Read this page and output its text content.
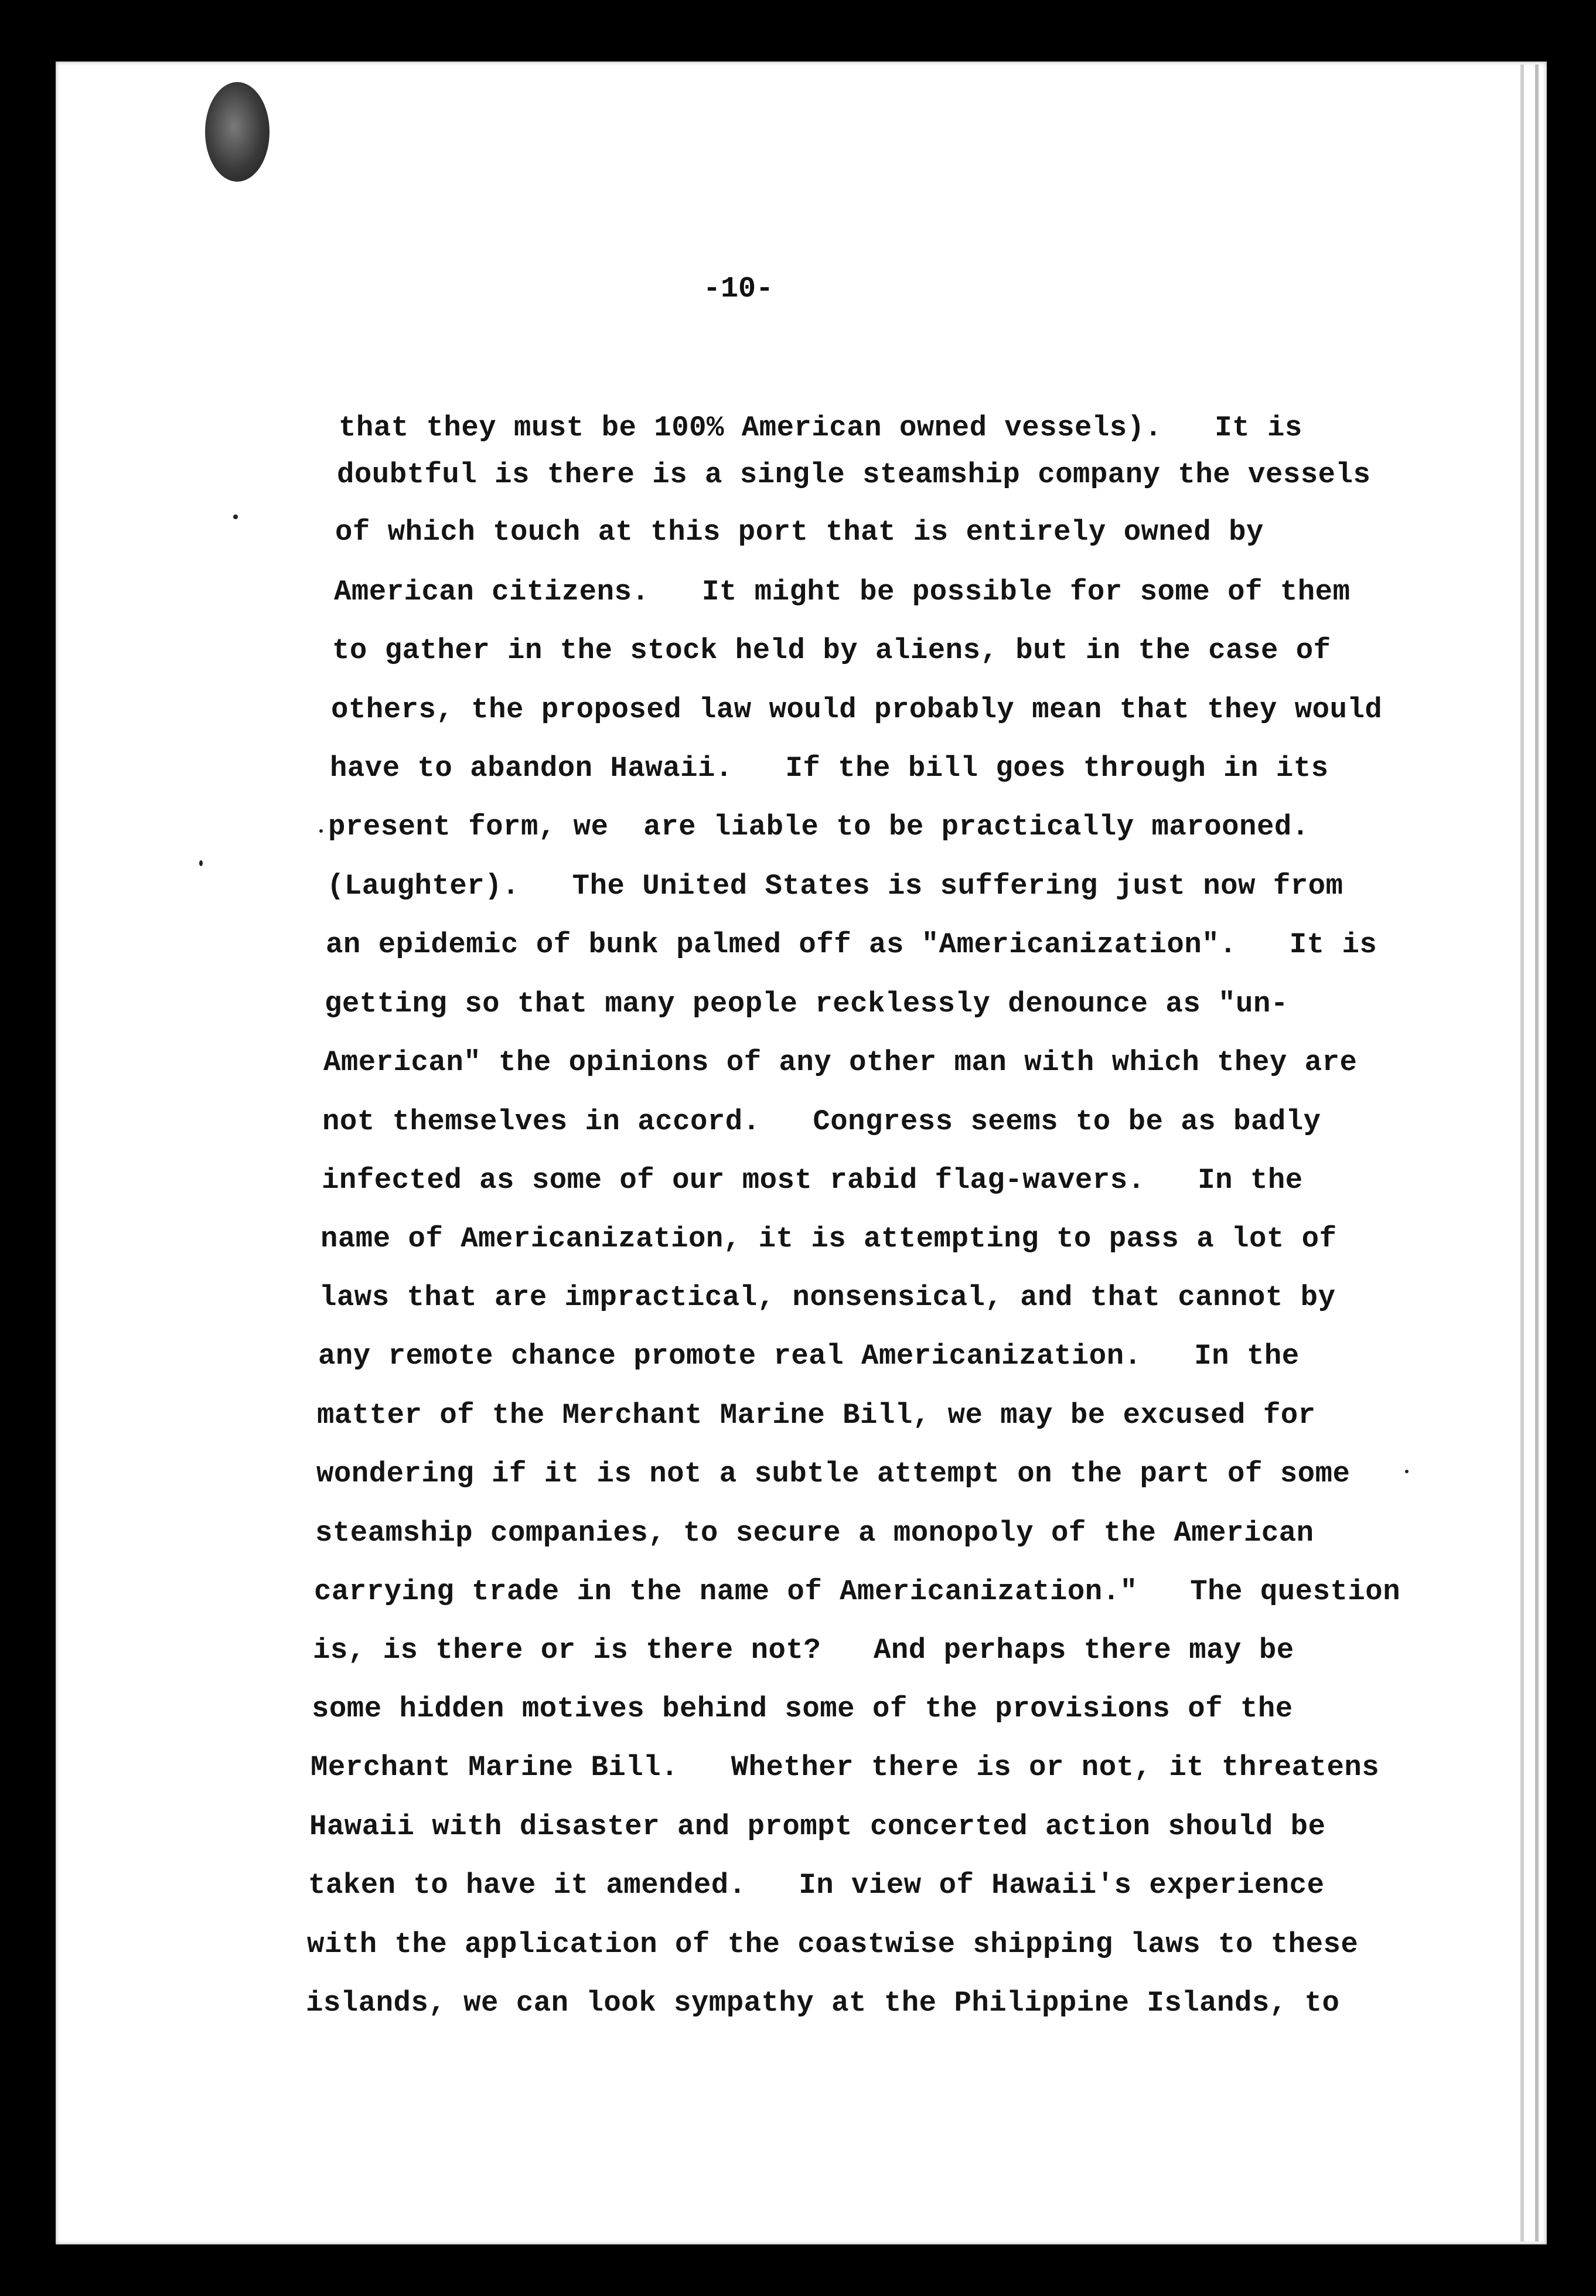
-10-
that they must be 100% American owned vessels).   It is
doubtful is there is a single steamship company the vessels
of which touch at this port that is entirely owned by
American citizens.   It might be possible for some of them
to gather in the stock held by aliens, but in the case of
others, the proposed law would probably mean that they would
have to abandon Hawaii.   If the bill goes through in its
present form, we  are liable to be practically marooned.
(Laughter).   The United States is suffering just now from
an epidemic of bunk palmed off as "Americanization".   It is
getting so that many people recklessly denounce as "un-
American" the opinions of any other man with which they are
not themselves in accord.   Congress seems to be as badly
infected as some of our most rabid flag-wavers.   In the
name of Americanization, it is attempting to pass a lot of
laws that are impractical, nonsensical, and that cannot by
any remote chance promote real Americanization.   In the
matter of the Merchant Marine Bill, we may be excused for
wondering if it is not a subtle attempt on the part of some
steamship companies, to secure a monopoly of the American
carrying trade in the name of Americanization."   The question
is, is there or is there not?   And perhaps there may be
some hidden motives behind some of the provisions of the
Merchant Marine Bill.   Whether there is or not, it threatens
Hawaii with disaster and prompt concerted action should be
taken to have it amended.   In view of Hawaii's experience
with the application of the coastwise shipping laws to these
islands, we can look sympathy at the Philippine Islands, to
